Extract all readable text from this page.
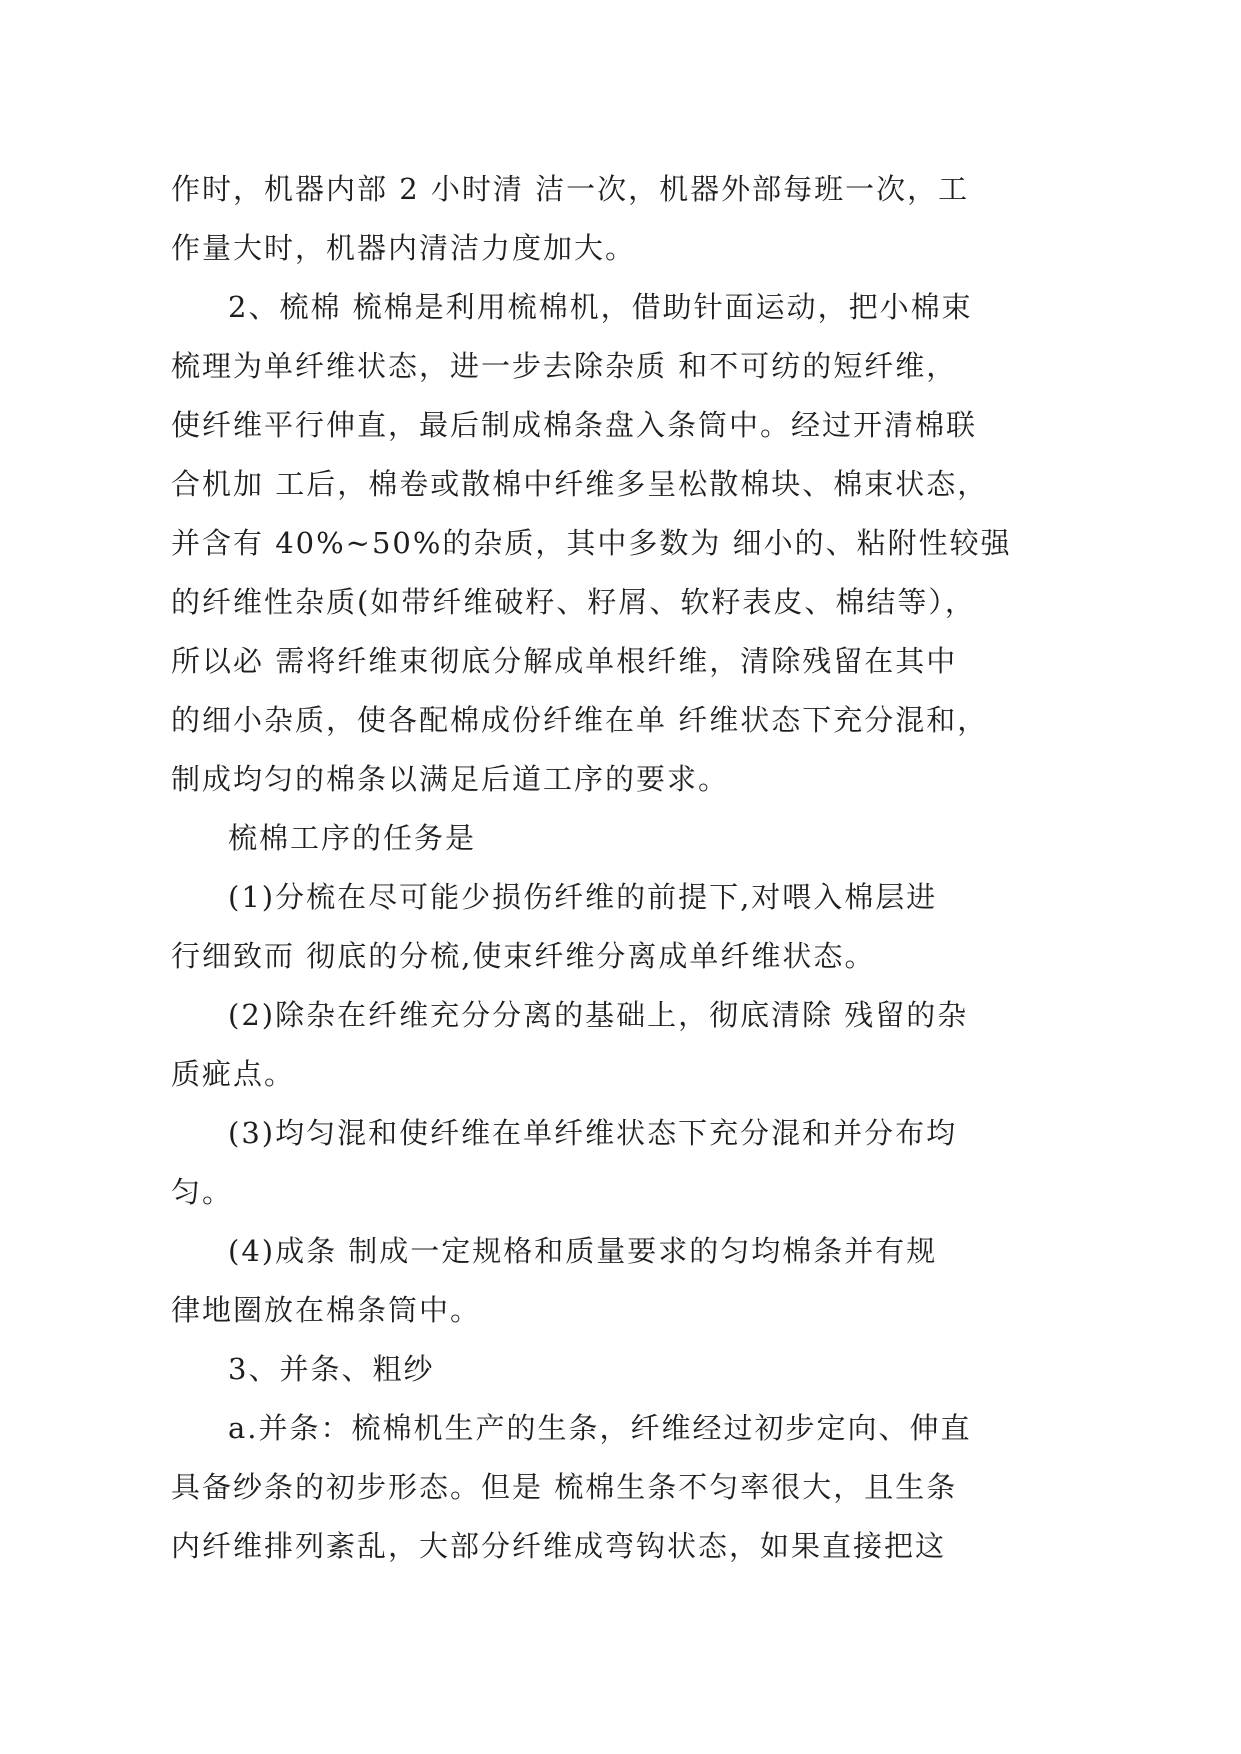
作时，机器内部 2 小时清 洁一次，机器外部每班一次，工
作量大时，机器内清洁力度加大。
2、梳棉 梳棉是利用梳棉机，借助针面运动，把小棉束
梳理为单纤维状态，进一步去除杂质 和不可纺的短纤维，
使纤维平行伸直，最后制成棉条盘入条筒中。经过开清棉联
合机加 工后，棉卷或散棉中纤维多呈松散棉块、棉束状态，
并含有 40%~50%的杂质，其中多数为 细小的、粘附性较强
的纤维性杂质(如带纤维破籽、籽屑、软籽表皮、棉结等），
所以必 需将纤维束彻底分解成单根纤维，清除残留在其中
的细小杂质，使各配棉成份纤维在单 纤维状态下充分混和，
制成均匀的棉条以满足后道工序的要求。
梳棉工序的任务是
(1)分梳在尽可能少损伤纤维的前提下,对喂入棉层进
行细致而 彻底的分梳,使束纤维分离成单纤维状态。
(2)除杂在纤维充分分离的基础上，彻底清除 残留的杂
质疵点。
(3)均匀混和使纤维在单纤维状态下充分混和并分布均
匀。
(4)成条 制成一定规格和质量要求的匀均棉条并有规
律地圈放在棉条筒中。
3、并条、粗纱
a.并条：梳棉机生产的生条，纤维经过初步定向、伸直
具备纱条的初步形态。但是 梳棉生条不匀率很大，且生条
内纤维排列紊乱，大部分纤维成弯钩状态，如果直接把这
